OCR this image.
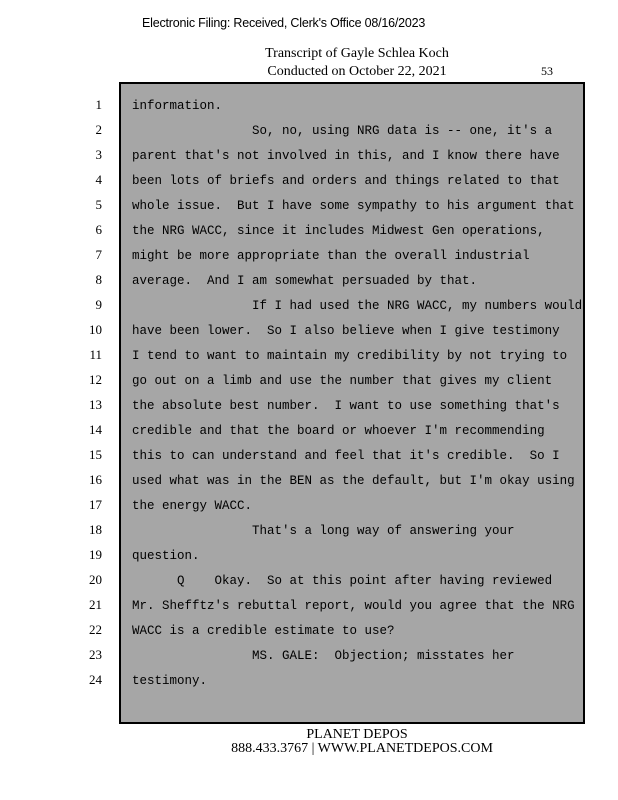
Electronic Filing: Received, Clerk's Office 08/16/2023
Transcript of Gayle Schlea Koch
Conducted on October 22, 2021	53
information.
So, no, using NRG data is -- one, it's a
parent that's not involved in this, and I know there have
been lots of briefs and orders and things related to that
whole issue.  But I have some sympathy to his argument that
the NRG WACC, since it includes Midwest Gen operations,
might be more appropriate than the overall industrial
average.  And I am somewhat persuaded by that.
If I had used the NRG WACC, my numbers would
have been lower.  So I also believe when I give testimony
I tend to want to maintain my credibility by not trying to
go out on a limb and use the number that gives my client
the absolute best number.  I want to use something that's
credible and that the board or whoever I'm recommending
this to can understand and feel that it's credible.  So I
used what was in the BEN as the default, but I'm okay using
the energy WACC.
That's a long way of answering your
question.
Q    Okay.  So at this point after having reviewed
Mr. Shefftz's rebuttal report, would you agree that the NRG
WACC is a credible estimate to use?
MS. GALE:  Objection; misstates her
testimony.
PLANET DEPOS
888.433.3767 | WWW.PLANETDEPOS.COM
1
2
3
4
5
6
7
8
9
10
11
12
13
14
15
16
17
18
19
20
21
22
23
24
